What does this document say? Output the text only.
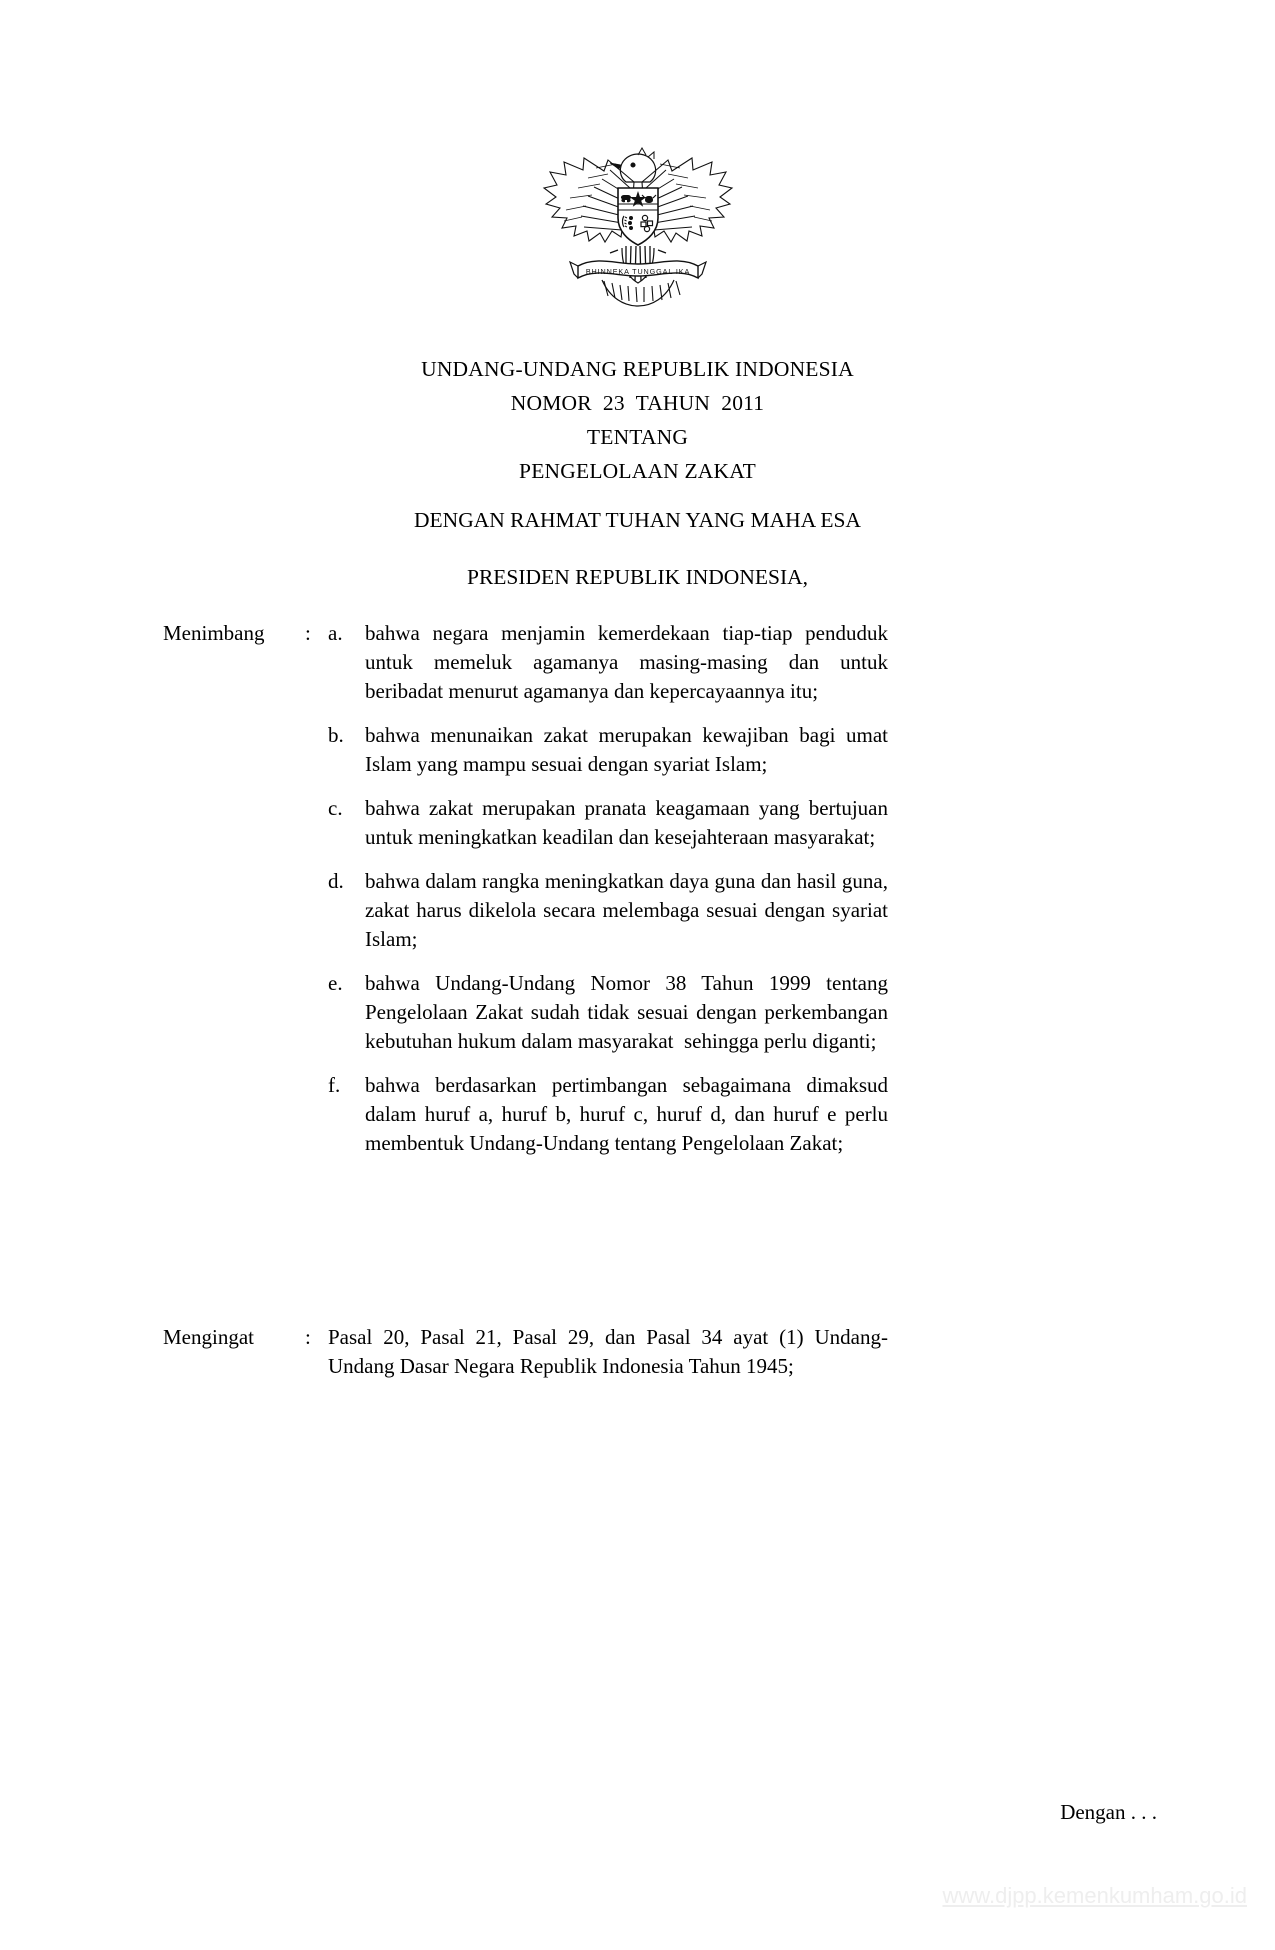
BHINNEKA TUNGGAL IKA
UNDANG-UNDANG REPUBLIK INDONESIA
NOMOR  23  TAHUN  2011
TENTANG
PENGELOLAAN ZAKAT
DENGAN RAHMAT TUHAN YANG MAHA ESA
PRESIDEN REPUBLIK INDONESIA,
Menimbang	: a.	bahwa negara menjamin kemerdekaan tiap-tiap penduduk untuk memeluk agamanya masing-masing dan untuk beribadat menurut agamanya dan kepercayaannya itu;
b.	bahwa menunaikan zakat merupakan kewajiban bagi umat Islam yang mampu sesuai dengan syariat Islam;
c.	bahwa zakat merupakan pranata keagamaan yang bertujuan untuk meningkatkan keadilan dan kesejahteraan masyarakat;
d.	bahwa dalam rangka meningkatkan daya guna dan hasil guna, zakat harus dikelola secara melembaga sesuai dengan syariat Islam;
e.	bahwa Undang-Undang Nomor 38 Tahun 1999 tentang Pengelolaan Zakat sudah tidak sesuai dengan perkembangan kebutuhan hukum dalam masyarakat  sehingga perlu diganti;
f.	bahwa berdasarkan pertimbangan sebagaimana dimaksud dalam huruf a, huruf b, huruf c, huruf d, dan huruf e perlu membentuk Undang-Undang tentang Pengelolaan Zakat;
Mengingat	: Pasal 20, Pasal 21, Pasal 29, dan Pasal 34 ayat (1) Undang-Undang Dasar Negara Republik Indonesia Tahun 1945;
Dengan . . .
www.djpp.kemenkumham.go.id
